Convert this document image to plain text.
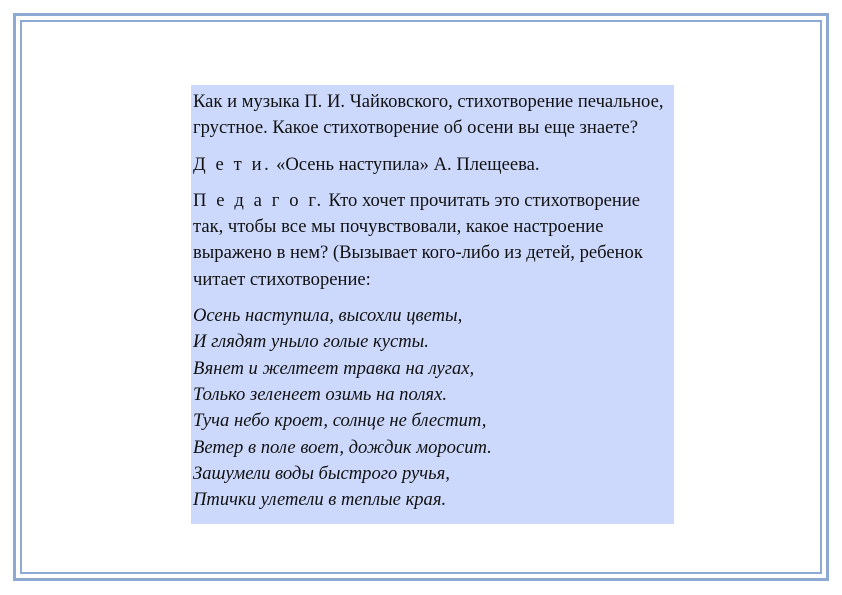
Как и музыка П. И. Чайковского, стихотворение печальное, грустное. Какое стихотворение об осени вы еще знаете?

Д е т и. «Осень наступила» А. Плещеева.

П е д а г о г. Кто хочет прочитать это стихотворение так, чтобы все мы почувствовали, какое настроение выражено в нем? (Вызывает кого-либо из детей, ребенок читает стихотворение:

Осень наступила, высохли цветы,
И глядят уныло голые кусты.
Вянет и желтеет травка на лугах,
Только зеленеет озимь на полях.
Туча небо кроет, солнце не блестит,
Ветер в поле воет, дождик моросит.
Зашумели воды быстрого ручья,
Птички улетели в теплые края.
